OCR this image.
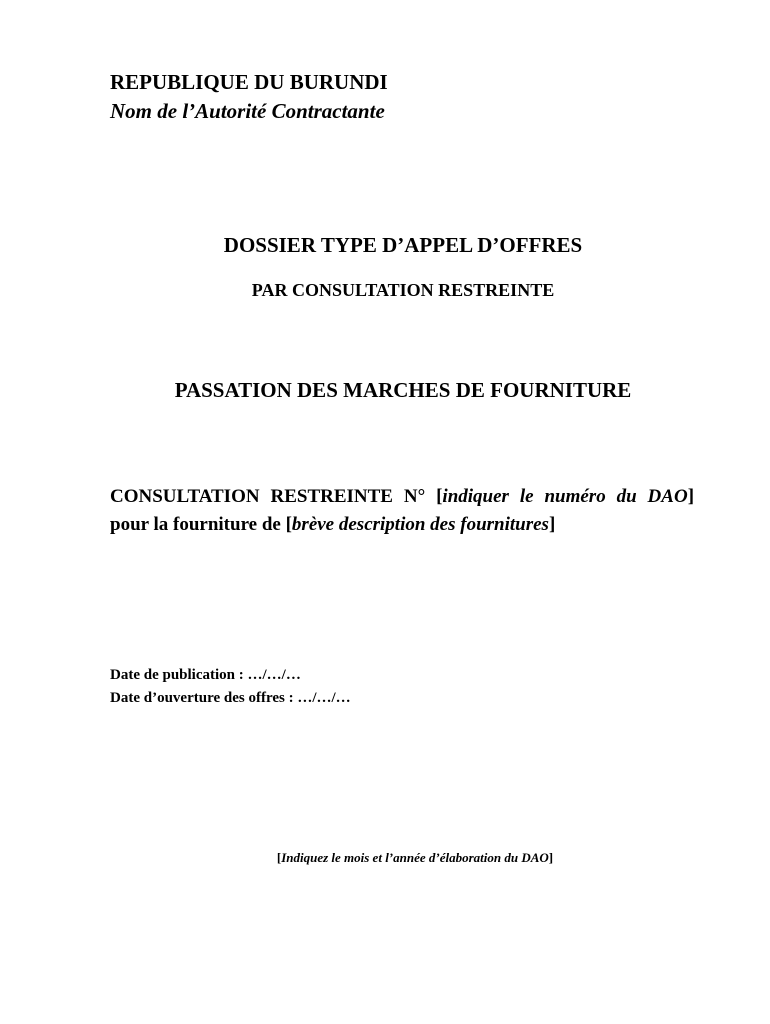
REPUBLIQUE DU BURUNDI

Nom de l’Autorité Contractante

DOSSIER TYPE D’APPEL D’OFFRES

PAR CONSULTATION RESTREINTE

PASSATION DES MARCHES DE FOURNITURE

CONSULTATION RESTREINTE N° [indiquer le numéro du DAO] pour la fourniture de [brève description des fournitures]

Date de publication : …/…/…
Date d’ouverture des offres : …/…/…

[Indiquez le mois et l’année d’élaboration du DAO]
